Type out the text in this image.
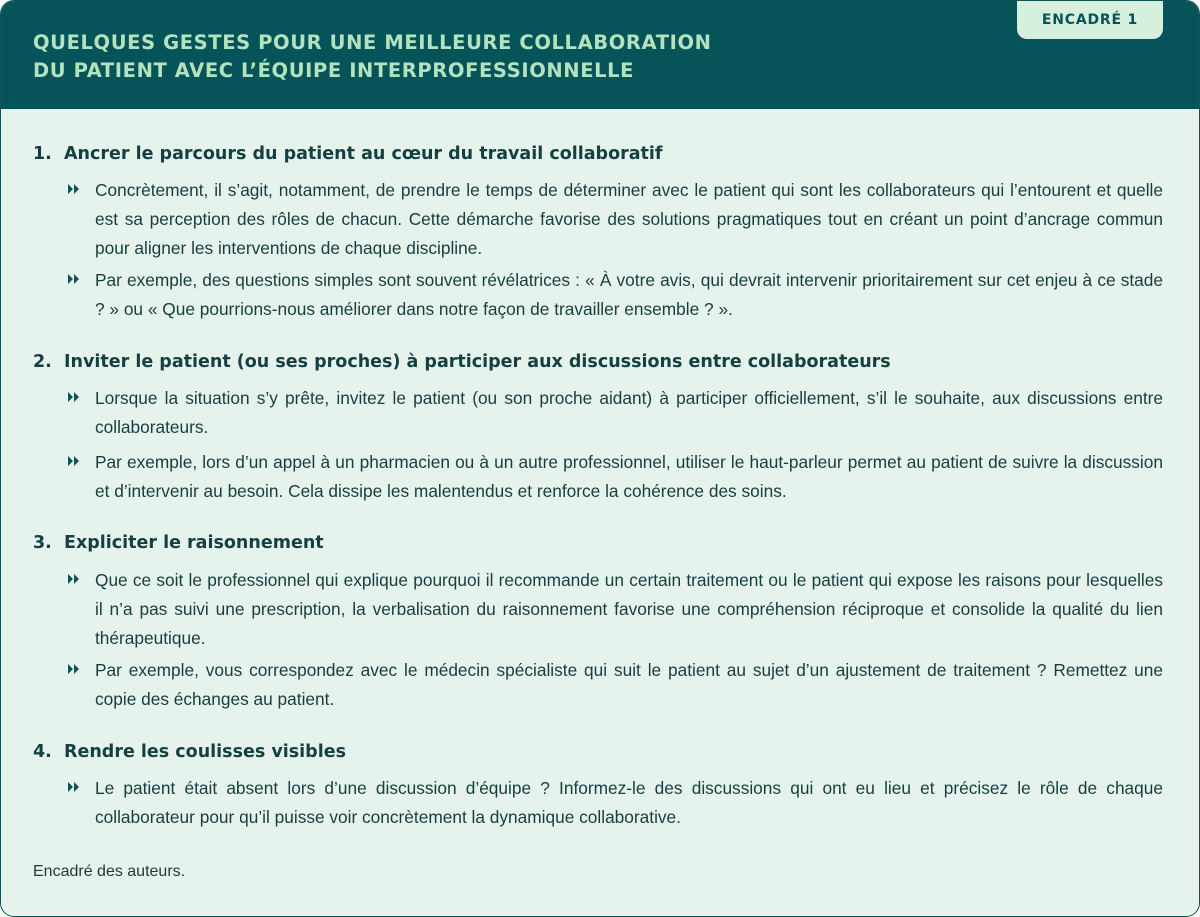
QUELQUES GESTES POUR UNE MEILLEURE COLLABORATION
DU PATIENT AVEC L’ÉQUIPE INTERPROFESSIONNELLE
ENCADRÉ 1
1. Ancrer le parcours du patient au cœur du travail collaboratif
Concrètement, il s’agit, notamment, de prendre le temps de déterminer avec le patient qui sont les collaborateurs qui l’entourent et quelle est sa perception des rôles de chacun. Cette démarche favorise des solutions pragmatiques tout en créant un point d’ancrage commun pour aligner les interventions de chaque discipline.
Par exemple, des questions simples sont souvent révélatrices : « À votre avis, qui devrait intervenir prioritairement sur cet enjeu à ce stade ? » ou « Que pourrions-nous améliorer dans notre façon de travailler ensemble ? ».
2. Inviter le patient (ou ses proches) à participer aux discussions entre collaborateurs
Lorsque la situation s’y prête, invitez le patient (ou son proche aidant) à participer officiellement, s’il le souhaite, aux discussions entre collaborateurs.
Par exemple, lors d’un appel à un pharmacien ou à un autre professionnel, utiliser le haut-parleur permet au patient de suivre la discussion et d’intervenir au besoin. Cela dissipe les malentendus et renforce la cohérence des soins.
3. Expliciter le raisonnement
Que ce soit le professionnel qui explique pourquoi il recommande un certain traitement ou le patient qui expose les raisons pour lesquelles il n’a pas suivi une prescription, la verbalisation du raisonnement favorise une compréhension réciproque et consolide la qualité du lien thérapeutique.
Par exemple, vous correspondez avec le médecin spécialiste qui suit le patient au sujet d’un ajustement de traitement ? Remettez une copie des échanges au patient.
4. Rendre les coulisses visibles
Le patient était absent lors d’une discussion d’équipe ? Informez-le des discussions qui ont eu lieu et précisez le rôle de chaque collaborateur pour qu’il puisse voir concrètement la dynamique collaborative.
Encadré des auteurs.
